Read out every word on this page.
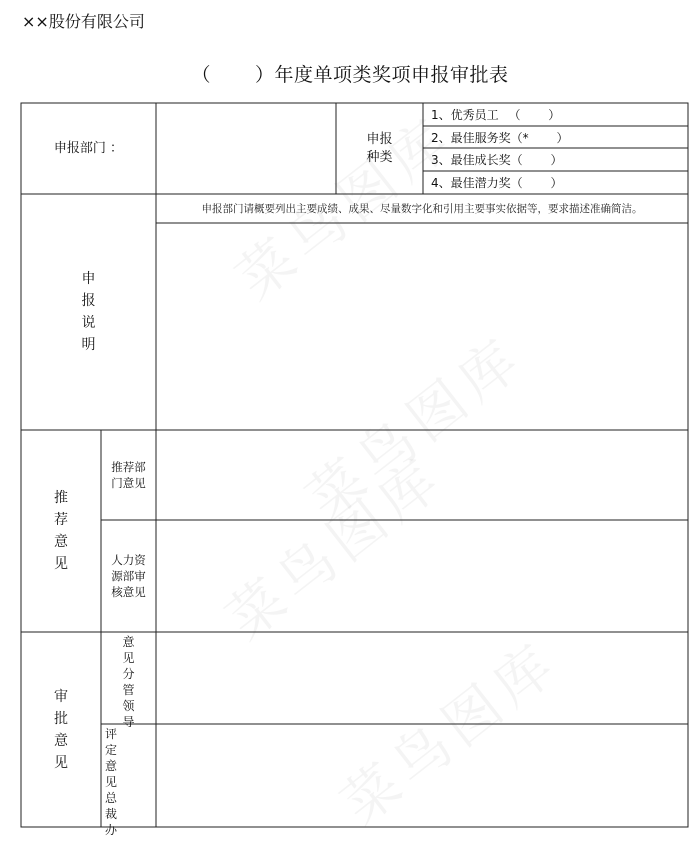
××股份有限公司
（ ）年度单项类奖项申报审批表
申报部门 ：
申报
种类
1、优秀员工 　（ 　　）
2、最佳服务奖（* 　　）
3、最佳成长奖（ 　　）
4、最佳潜力奖（ 　　）
申报说明
申报部门请概要列出主要成绩、成果、尽量数字化和引用主要事实依据等，要求描述准确简洁。
推荐意见
推荐部门意见
人力资源部审核意见
审批意见
意见分管领导
评定意见总裁办
